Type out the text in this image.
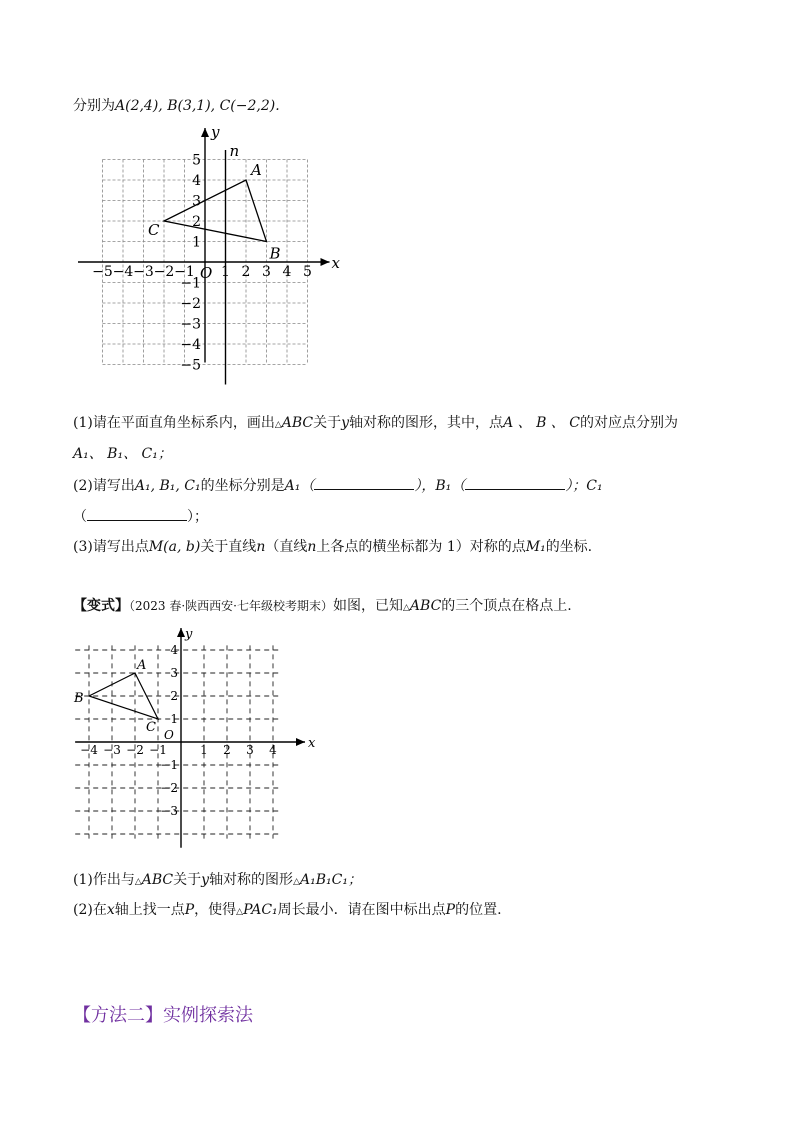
分别为A(2,4), B(3,1), C(−2,2).
−5 −4 −3 −2 −1 1 2 3 4 5
5
4
3
2
1
−1
−2
−3
−4
−5
A
B
C
x
y
n
O
(1)请在平面直角坐标系内，画出△ABC关于y轴对称的图形，其中，点A 、 B 、 C的对应点分别为
A₁、 B₁、 C₁；
(2)请写出A₁, B₁, C₁的坐标分别是A₁（	），B₁（	）；C₁
（	）；
(3)请写出点M(a, b)关于直线n（直线n上各点的横坐标都为 1）对称的点M₁的坐标.
【变式】（2023 春·陕西西安·七年级校考期末）如图，已知△ABC的三个顶点在格点上.
−4 −3 −2 −1	1 2 3 4
4
3
2
1
−1
−2
−3
A
B
C
x
y
O
(1)作出与△ABC关于y轴对称的图形△A₁B₁C₁；
(2)在x轴上找一点P，使得△PAC₁周长最小．请在图中标出点P的位置.
【方法二】实例探索法
